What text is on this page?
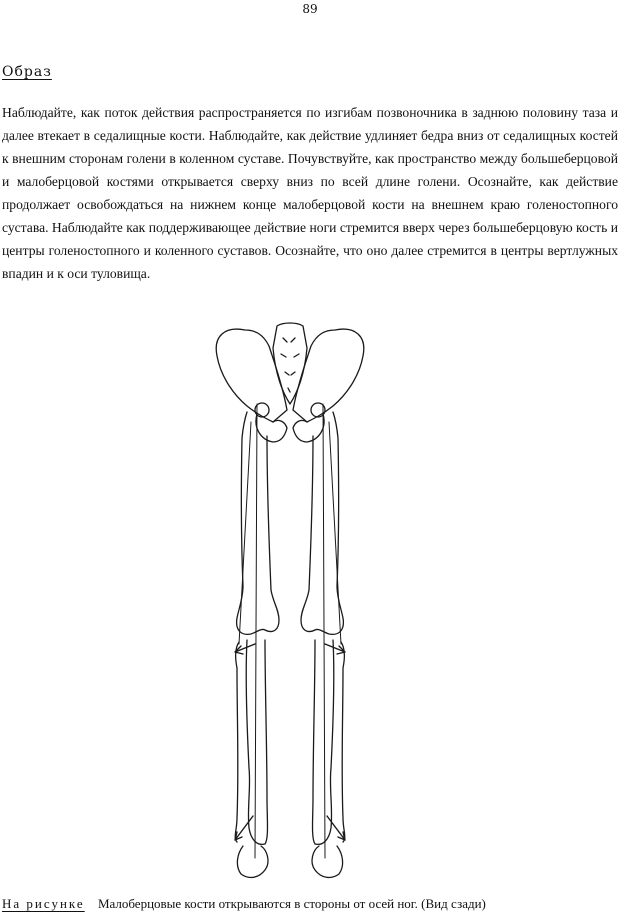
89
Образ

Наблюдайте, как поток действия распространяется по изгибам позвоночника в заднюю половину таза и далее втекает в седалищные кости. Наблюдайте, как действие удлиняет бедра вниз от седалищных костей к внешним сторонам голени в коленном суставе. Почувствуйте, как пространство между большеберцовой и малоберцовой костями открывается сверху вниз по всей длине голени. Осознайте, как действие продолжает освобождаться на нижнем конце малоберцовой кости на внешнем краю голеностопного сустава. Наблюдайте как поддерживающее действие ноги стремится вверх через большеберцовую кость и центры голеностопного и коленного суставов. Осознайте, что оно далее стремится в центры вертлужных впадин и к оси туловища.

На рисунке Малоберцовые кости открываются в стороны от осей ног. (Вид сзади)
